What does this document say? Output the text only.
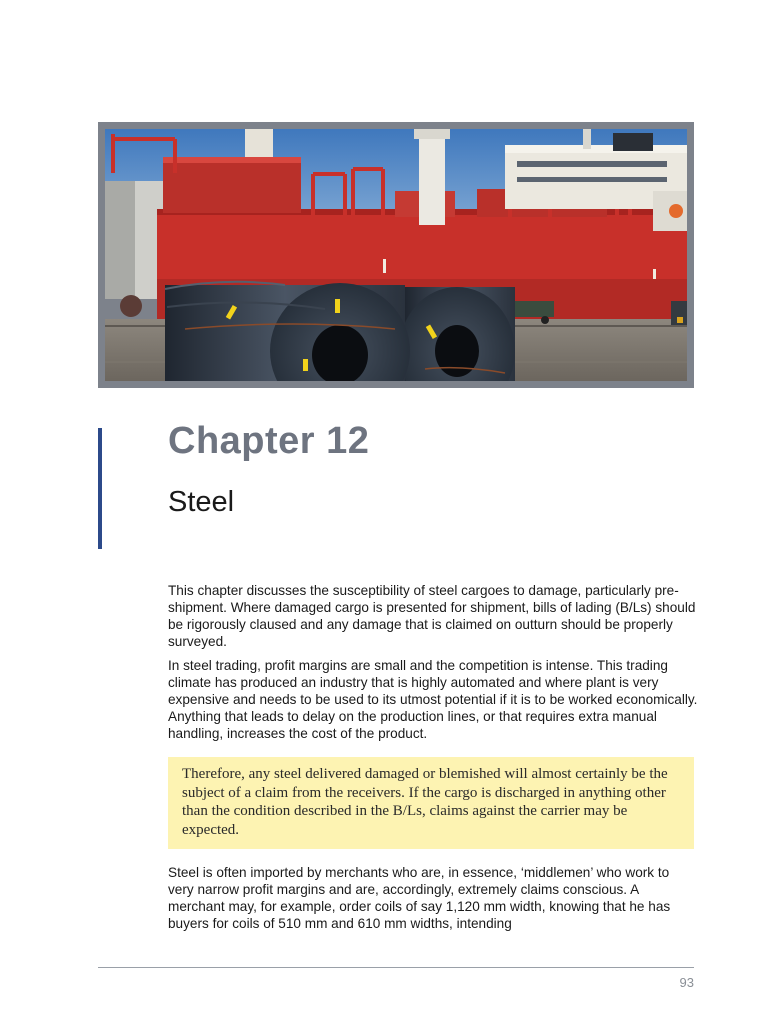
Chapter 12
Steel

This chapter discusses the susceptibility of steel cargoes to damage, particularly pre-shipment. Where damaged cargo is presented for shipment, bills of lading (B/Ls) should be rigorously claused and any damage that is claimed on outturn should be properly surveyed.

In steel trading, profit margins are small and the competition is intense. This trading climate has produced an industry that is highly automated and where plant is very expensive and needs to be used to its utmost potential if it is to be worked economically. Anything that leads to delay on the production lines, or that requires extra manual handling, increases the cost of the product.

Therefore, any steel delivered damaged or blemished will almost certainly be the subject of a claim from the receivers. If the cargo is discharged in anything other than the condition described in the B/Ls, claims against the carrier may be expected.

Steel is often imported by merchants who are, in essence, ‘middlemen’ who work to very narrow profit margins and are, accordingly, extremely claims conscious. A merchant may, for example, order coils of say 1,120 mm width, knowing that he has buyers for coils of 510 mm and 610 mm widths, intending

93
